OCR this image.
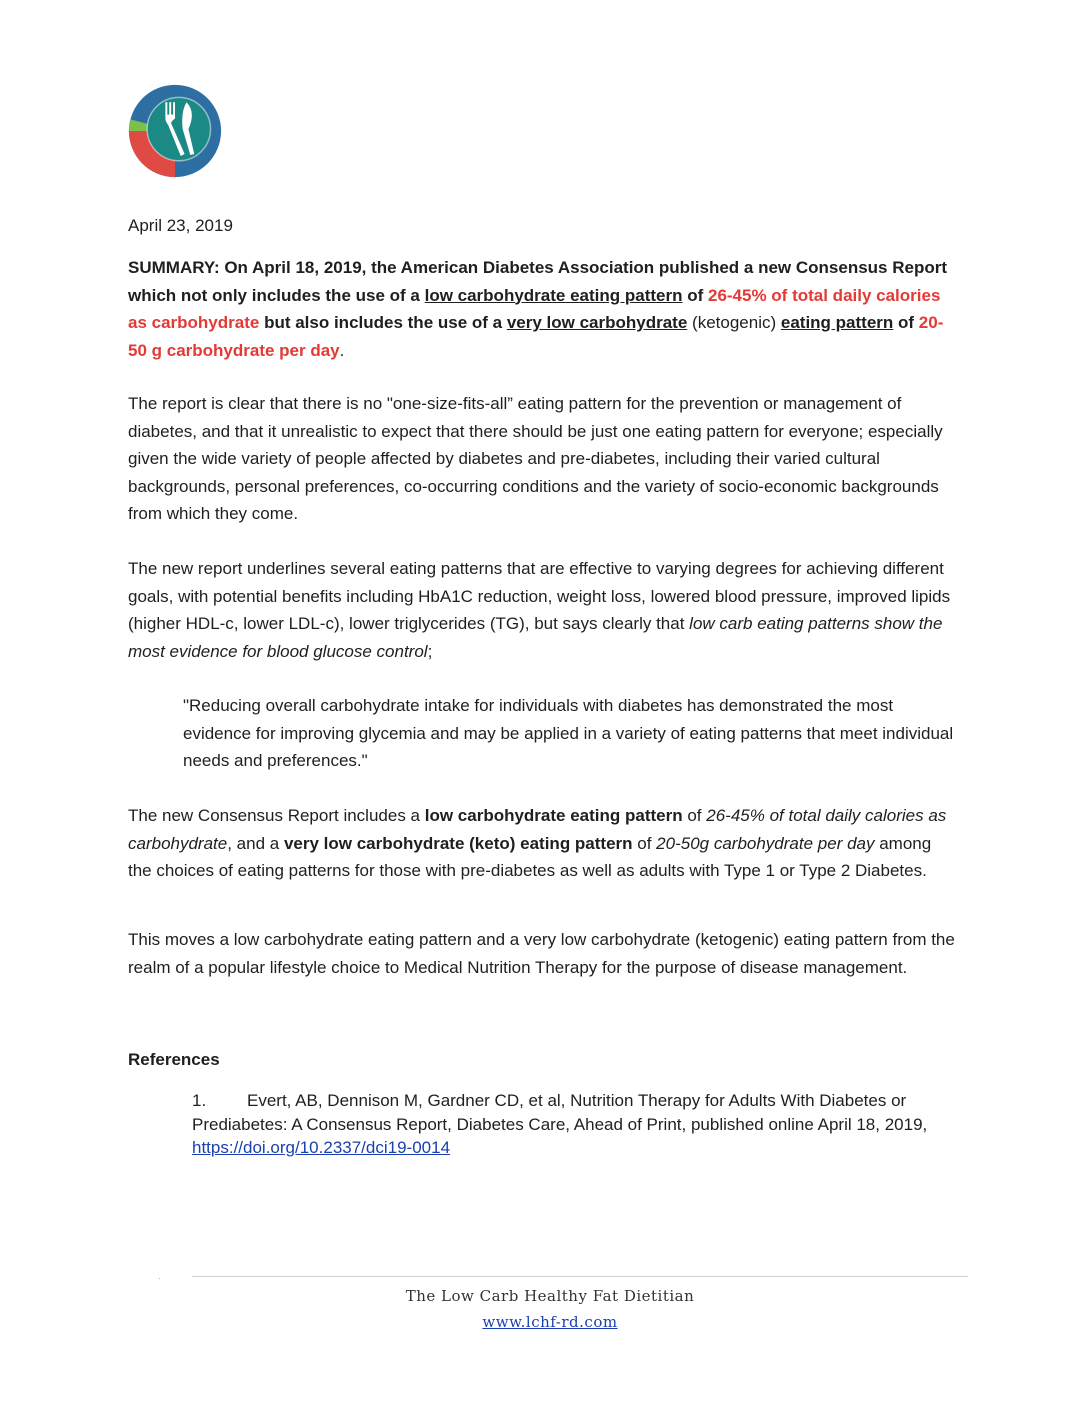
April 23, 2019
SUMMARY: On April 18, 2019, the American Diabetes Association published a new Consensus Report which not only includes the use of a low carbohydrate eating pattern of 26-45% of total daily calories as carbohydrate but also includes the use of a very low carbohydrate (ketogenic) eating pattern of 20-50 g carbohydrate per day.
The report is clear that there is no "one-size-fits-all” eating pattern for the prevention or management of diabetes, and that it unrealistic to expect that there should be just one eating pattern for everyone; especially given the wide variety of people affected by diabetes and pre-diabetes, including their varied cultural backgrounds, personal preferences, co-occurring conditions and the variety of socio-economic backgrounds from which they come.
The new report underlines several eating patterns that are effective to varying degrees for achieving different goals, with potential benefits including HbA1C reduction, weight loss, lowered blood pressure, improved lipids (higher HDL-c, lower LDL-c), lower triglycerides (TG), but says clearly that low carb eating patterns show the most evidence for blood glucose control;
"Reducing overall carbohydrate intake for individuals with diabetes has demonstrated the most evidence for improving glycemia and may be applied in a variety of eating patterns that meet individual needs and preferences."
The new Consensus Report includes a low carbohydrate eating pattern of 26-45% of total daily calories as carbohydrate, and a very low carbohydrate (keto) eating pattern of 20-50g carbohydrate per day among the choices of eating patterns for those with pre-diabetes as well as adults with Type 1 or Type 2 Diabetes.
This moves a low carbohydrate eating pattern and a very low carbohydrate (ketogenic) eating pattern from the realm of a popular lifestyle choice to Medical Nutrition Therapy for the purpose of disease management.
References
1. Evert, AB, Dennison M, Gardner CD, et al, Nutrition Therapy for Adults With Diabetes or Prediabetes: A Consensus Report, Diabetes Care, Ahead of Print, published online April 18, 2019, https://doi.org/10.2337/dci19-0014
·
The Low Carb Healthy Fat Dietitian
www.lchf-rd.com
